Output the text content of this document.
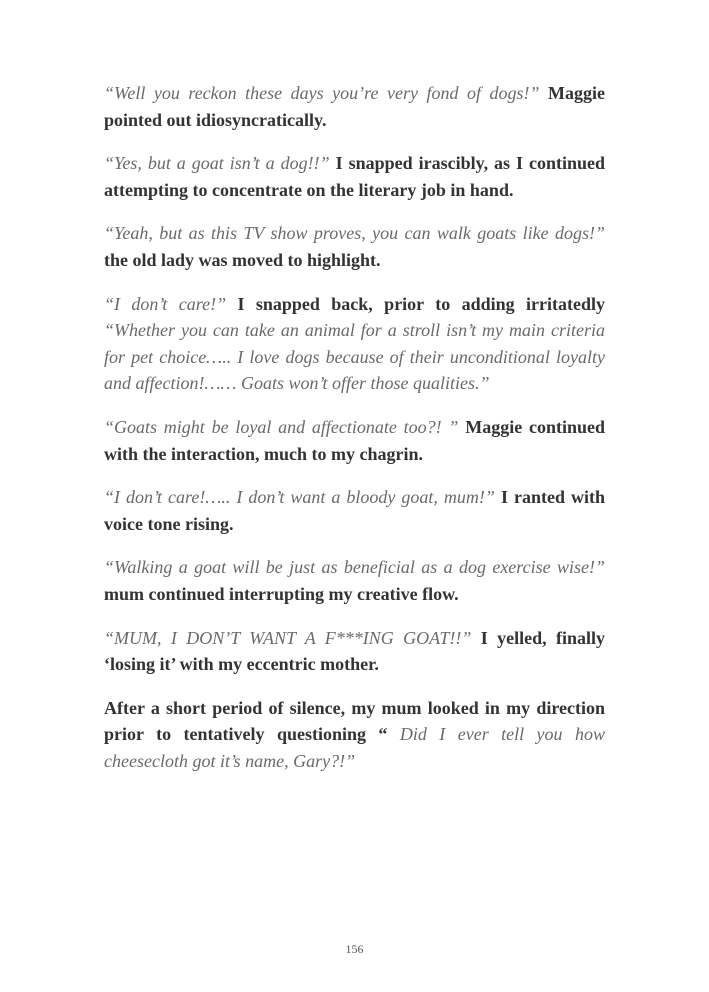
“Well you reckon these days you’re very fond of dogs!” Maggie pointed out idiosyncratically.

“Yes, but a goat isn’t a dog!!” I snapped irascibly, as I continued attempting to concentrate on the literary job in hand.

“Yeah, but as this TV show proves, you can walk goats like dogs!” the old lady was moved to highlight.

“I don’t care!” I snapped back, prior to adding irritatedly “Whether you can take an animal for a stroll isn’t my main criteria for pet choice….. I love dogs because of their unconditional loyalty and affection!…… Goats won’t offer those qualities.”

“Goats might be loyal and affectionate too?! ” Maggie continued with the interaction, much to my chagrin.

“I don’t care!….. I don’t want a bloody goat, mum!” I ranted with voice tone rising.

“Walking a goat will be just as beneficial as a dog exercise wise!” mum continued interrupting my creative flow.

“MUM, I DON’T WANT A F***ING GOAT!!” I yelled, finally ‘losing it’ with my eccentric mother.

After a short period of silence, my mum looked in my direction prior to tentatively questioning “ Did I ever tell you how cheesecloth got it’s name, Gary?!”

156
